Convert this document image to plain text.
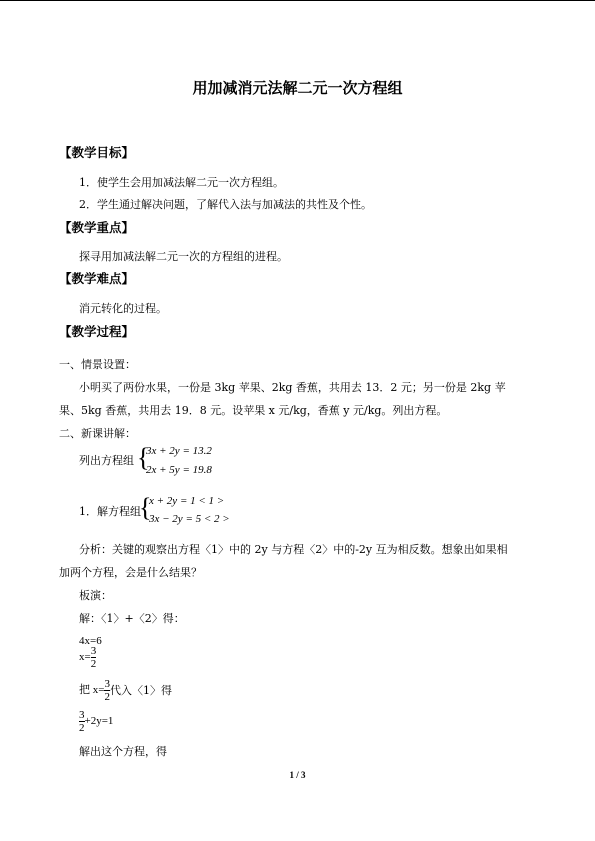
用加减消元法解二元一次方程组
【教学目标】
1．使学生会用加减法解二元一次方程组。
2．学生通过解决问题，了解代入法与加减法的共性及个性。
【教学重点】
探寻用加减法解二元一次的方程组的进程。
【教学难点】
消元转化的过程。
【教学过程】
一、情景设置：
小明买了两份水果，一份是 3kg 苹果、2kg 香蕉，共用去 13．2 元；另一份是 2kg 苹
果、5kg 香蕉，共用去 19．8 元。设苹果 x 元/kg，香蕉 y 元/kg。列出方程。
二、新课讲解：
列出方程组 {
3x + 2y = 13.2
2x + 5y = 19.8
1．解方程组
{
x + 2y = 1 < 1 >
3x − 2y = 5 < 2 >
分析：关键的观察出方程〈1〉中的 2y 与方程〈2〉中的-2y 互为相反数。想象出如果相
加两个方程，会是什么结果？
板演：
解：〈1〉+〈2〉得：
4x=6
$x= \frac{3}{2}$
把 $x= \frac{3}{2}$ 代入〈1〉得
$\frac{3}{2} +2y=1$
解出这个方程，得
1 / 3
